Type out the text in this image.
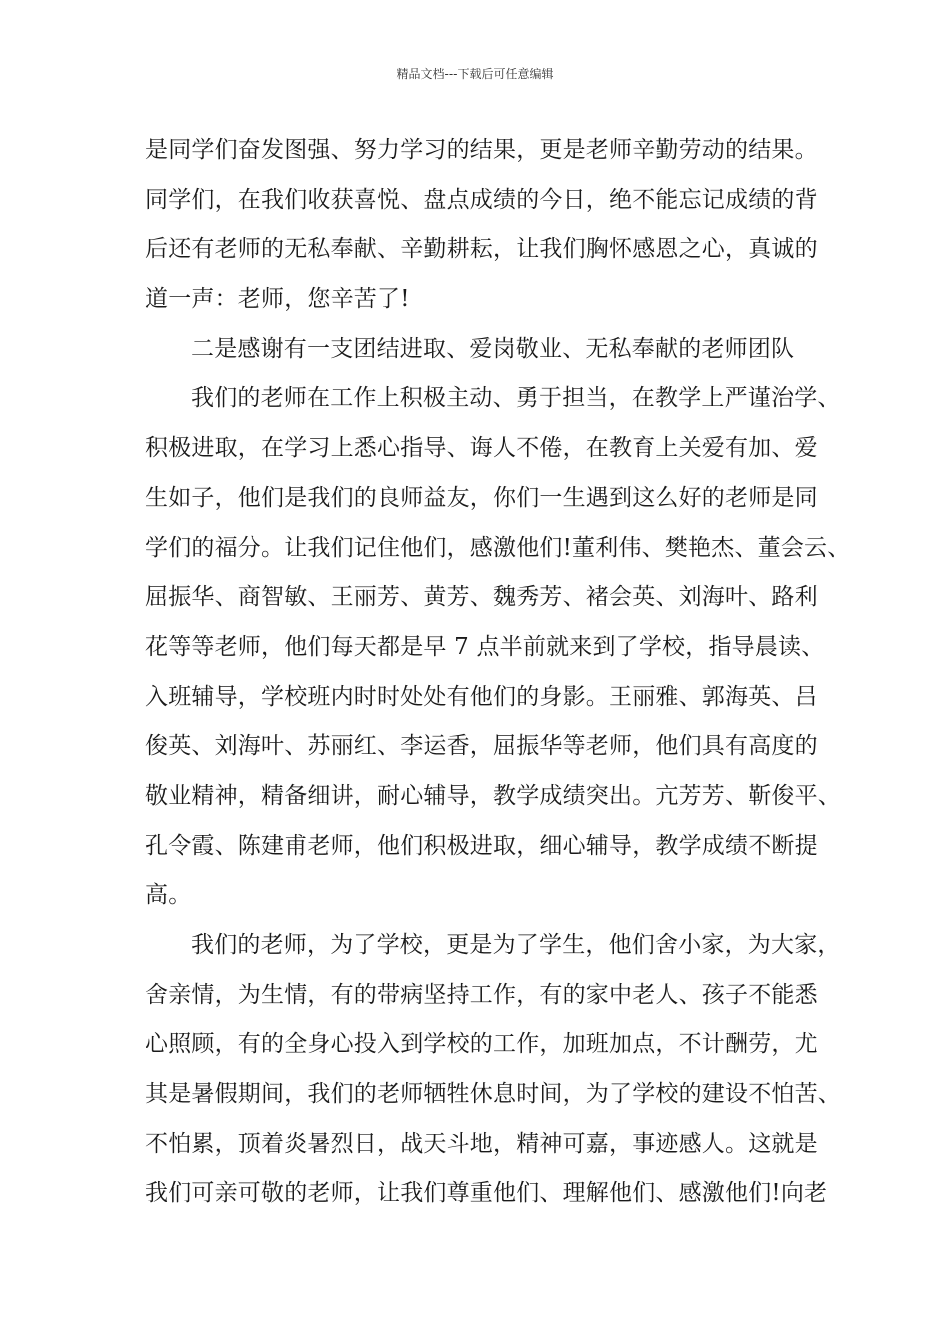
精品文档---下载后可任意编辑
是同学们奋发图强、努力学习的结果，更是老师辛勤劳动的结果。
同学们，在我们收获喜悦、盘点成绩的今日，绝不能忘记成绩的背
后还有老师的无私奉献、辛勤耕耘，让我们胸怀感恩之心，真诚的
道一声：老师，您辛苦了!
二是感谢有一支团结进取、爱岗敬业、无私奉献的老师团队
我们的老师在工作上积极主动、勇于担当，在教学上严谨治学、
积极进取，在学习上悉心指导、诲人不倦，在教育上关爱有加、爱
生如子，他们是我们的良师益友，你们一生遇到这么好的老师是同
学们的福分。让我们记住他们，感激他们!董利伟、樊艳杰、董会云、
屈振华、商智敏、王丽芳、黄芳、魏秀芳、褚会英、刘海叶、路利
花等等老师，他们每天都是早 7 点半前就来到了学校，指导晨读、
入班辅导，学校班内时时处处有他们的身影。王丽雅、郭海英、吕
俊英、刘海叶、苏丽红、李运香，屈振华等老师，他们具有高度的
敬业精神，精备细讲，耐心辅导，教学成绩突出。亢芳芳、靳俊平、
孔令霞、陈建甫老师，他们积极进取，细心辅导，教学成绩不断提
高。
我们的老师，为了学校，更是为了学生，他们舍小家，为大家，
舍亲情，为生情，有的带病坚持工作，有的家中老人、孩子不能悉
心照顾，有的全身心投入到学校的工作，加班加点，不计酬劳，尤
其是暑假期间，我们的老师牺牲休息时间，为了学校的建设不怕苦、
不怕累，顶着炎暑烈日，战天斗地，精神可嘉，事迹感人。这就是
我们可亲可敬的老师，让我们尊重他们、理解他们、感激他们!向老
